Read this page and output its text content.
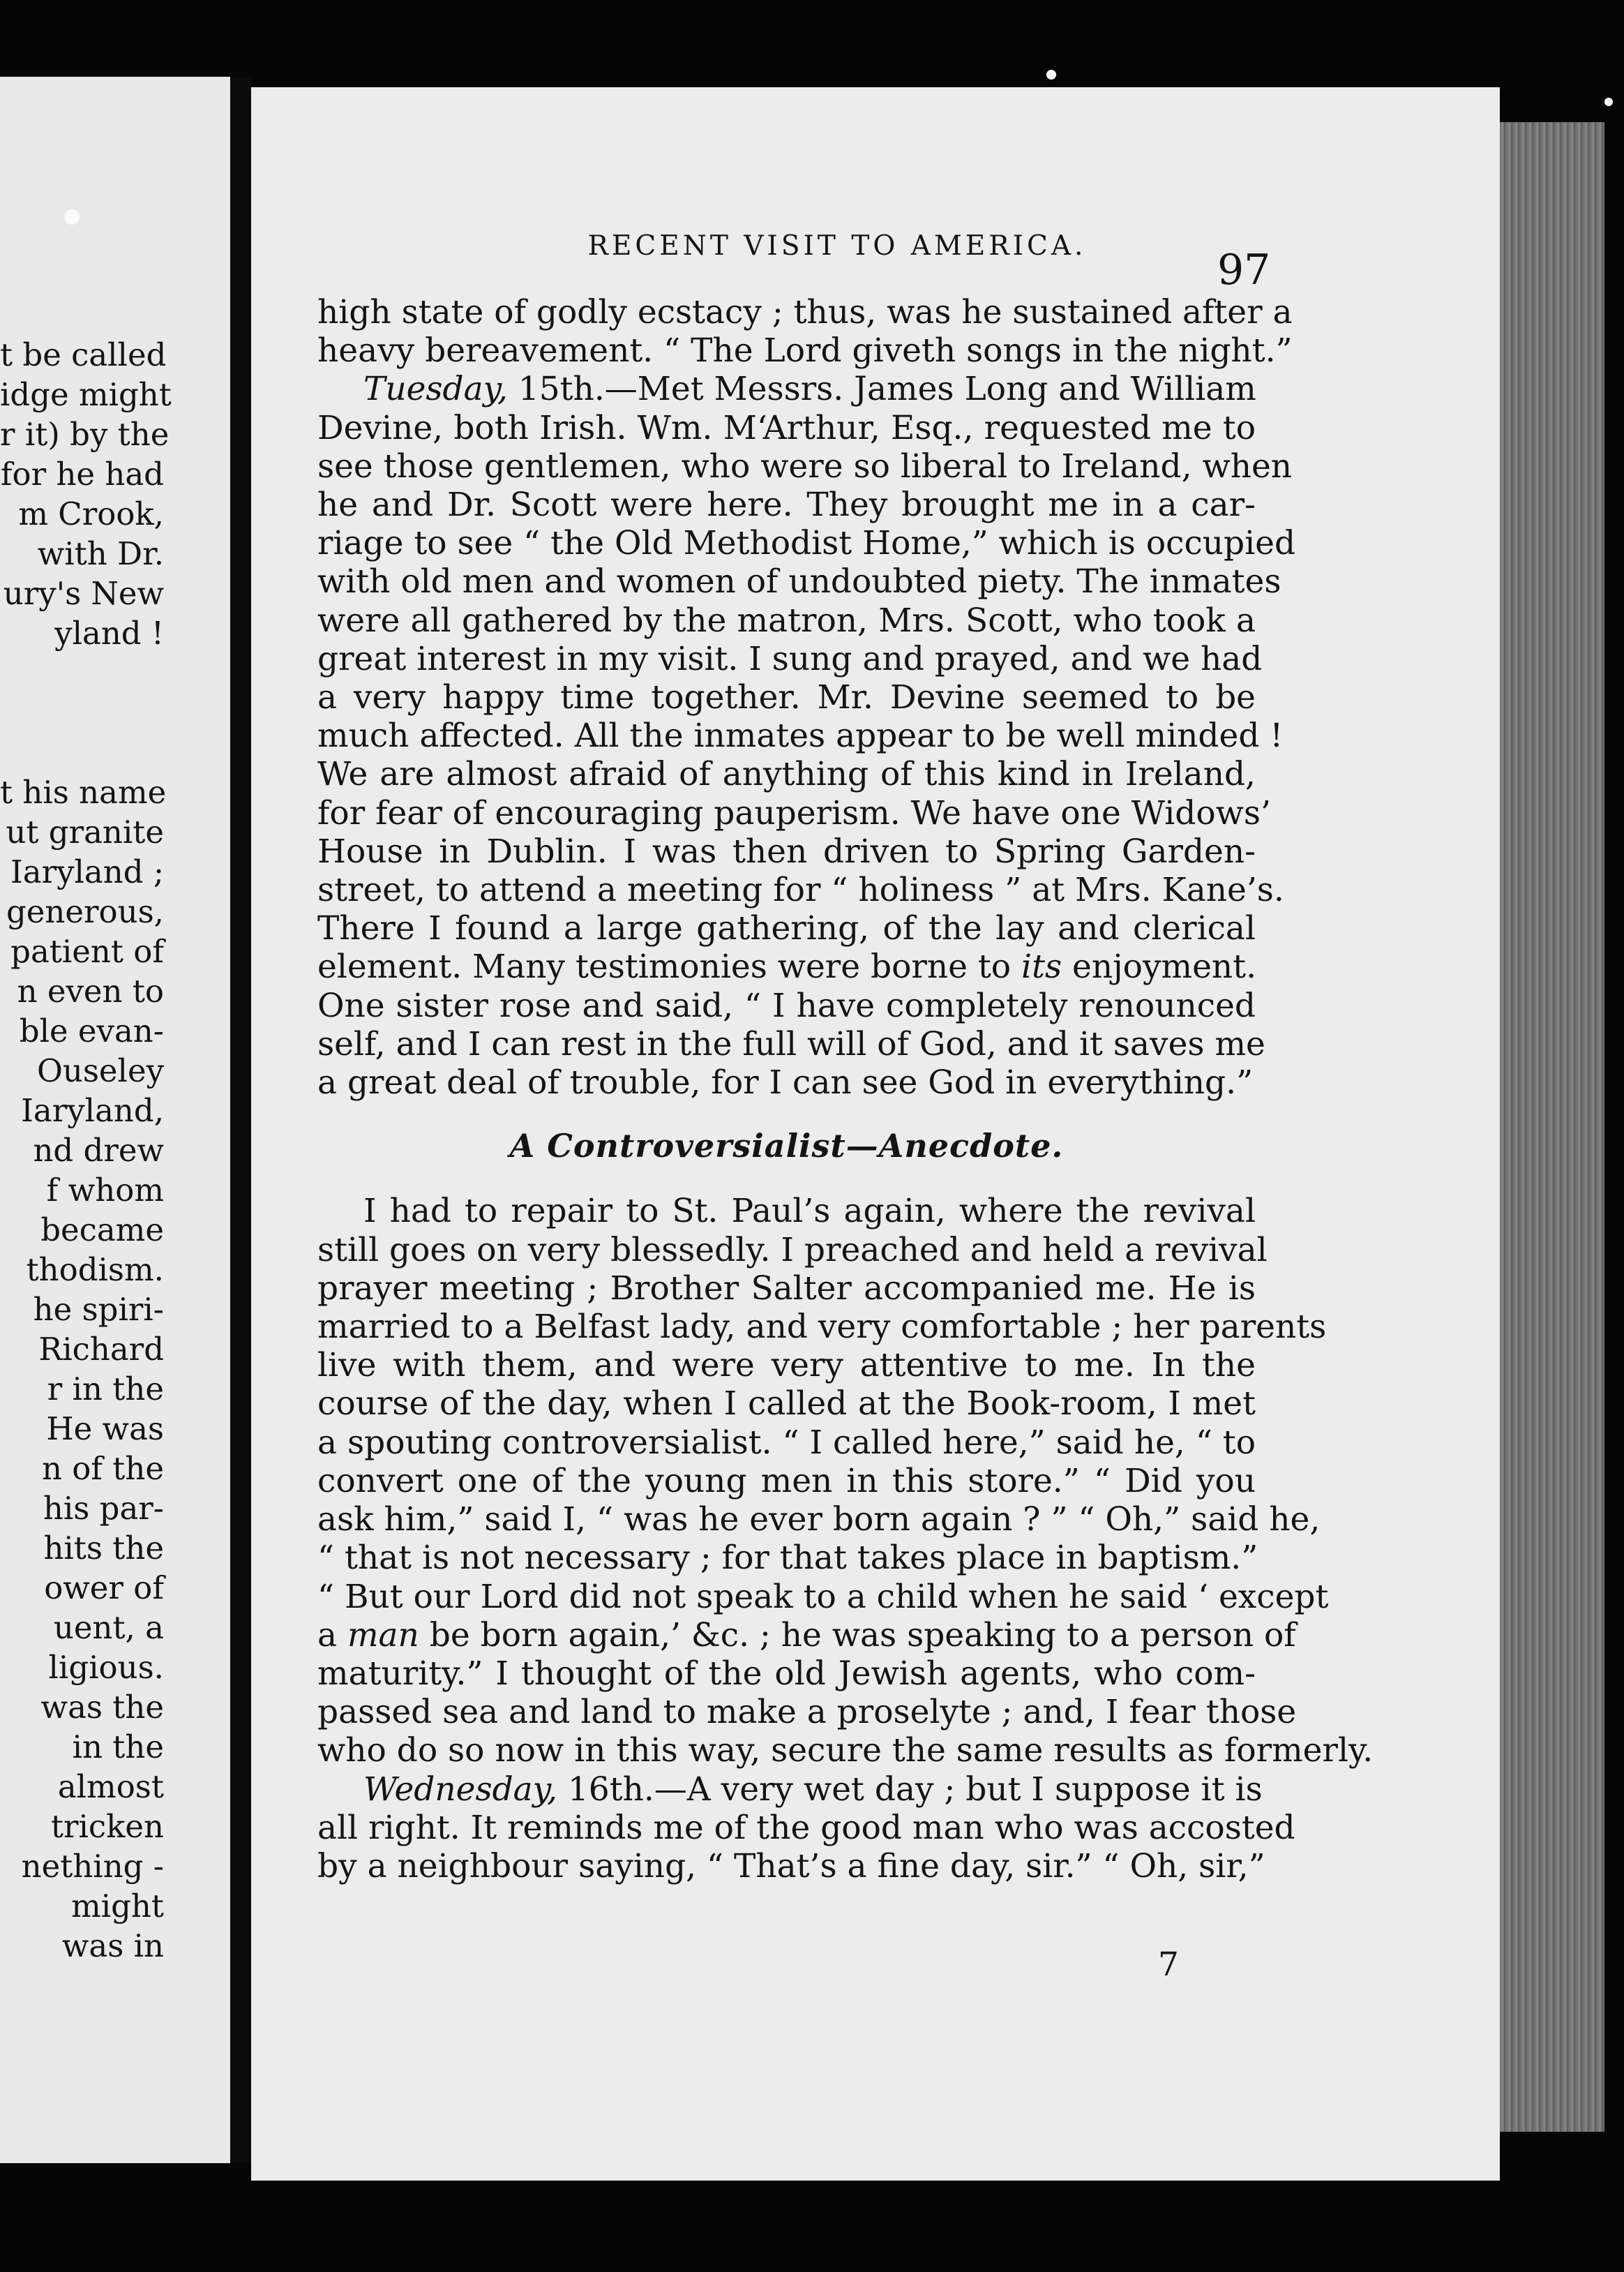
t be called
idge might
r it) by the
for he had
m Crook,
with Dr.
ury's New
yland !

t his name
ut granite
Iaryland ;
generous,
patient of
n even to
ble evan-
Ouseley
Iaryland,
nd drew
f whom
became
thodism.
he spiri-
Richard
r in the
He was
n of the
his par-
hits the
ower of
uent, a
ligious.
was the
in the
almost
tricken
nething -
might
was in
RECENT VISIT TO AMERICA.	97
high state of godly ecstacy ; thus, was he sustained after a
heavy bereavement. “ The Lord giveth songs in the night.”
Tuesday, 15th.—Met Messrs. James Long and William
Devine, both Irish. Wm. M‘Arthur, Esq., requested me to
see those gentlemen, who were so liberal to Ireland, when
he and Dr. Scott were here. They brought me in a car-
riage to see “ the Old Methodist Home,” which is occupied
with old men and women of undoubted piety. The inmates
were all gathered by the matron, Mrs. Scott, who took a
great interest in my visit. I sung and prayed, and we had
a very happy time together. Mr. Devine seemed to be
much affected. All the inmates appear to be well minded !
We are almost afraid of anything of this kind in Ireland,
for fear of encouraging pauperism. We have one Widows’
House in Dublin. I was then driven to Spring Garden-
street, to attend a meeting for “ holiness ” at Mrs. Kane’s.
There I found a large gathering, of the lay and clerical
element. Many testimonies were borne to its enjoyment.
One sister rose and said, “ I have completely renounced
self, and I can rest in the full will of God, and it saves me
a great deal of trouble, for I can see God in everything.”
A Controversialist—Anecdote.
I had to repair to St. Paul’s again, where the revival
still goes on very blessedly. I preached and held a revival
prayer meeting ; Brother Salter accompanied me. He is
married to a Belfast lady, and very comfortable ; her parents
live with them, and were very attentive to me. In the
course of the day, when I called at the Book-room, I met
a spouting controversialist. “ I called here,” said he, “ to
convert one of the young men in this store.” “ Did you
ask him,” said I, “ was he ever born again ? ” “ Oh,” said he,
“ that is not necessary ; for that takes place in baptism.”
“ But our Lord did not speak to a child when he said ‘ except
a man be born again,’ &c. ; he was speaking to a person of
maturity.” I thought of the old Jewish agents, who com-
passed sea and land to make a proselyte ; and, I fear those
who do so now in this way, secure the same results as formerly.
Wednesday, 16th.—A very wet day ; but I suppose it is
all right. It reminds me of the good man who was accosted
by a neighbour saying, “ That’s a fine day, sir.” “ Oh, sir,”
7
